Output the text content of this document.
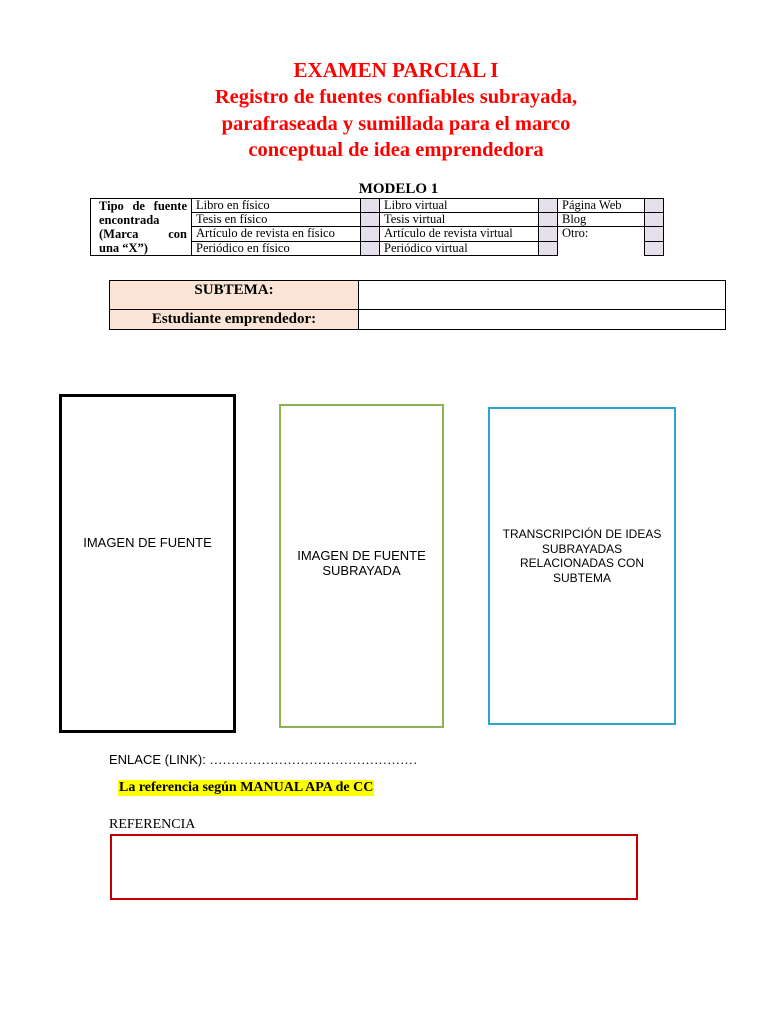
EXAMEN PARCIAL I
Registro de fuentes confiables subrayada,
parafraseada y sumillada para el marco
conceptual de idea emprendedora
MODELO 1
Tipo de fuente
encontrada
(Marca con
una “X”)	Libro en físico		Libro virtual		Página Web	
	Tesis en físico		Tesis virtual		Blog	
	Artículo de revista en físico		Artículo de revista virtual		Otro:	
	Periódico en físico		Periódico virtual			
SUBTEMA:	
Estudiante emprendedor:	
IMAGEN DE FUENTE
IMAGEN DE FUENTE SUBRAYADA
TRANSCRIPCIÓN DE IDEAS SUBRAYADAS RELACIONADAS CON SUBTEMA
ENLACE (LINK): …………………………………………
La referencia según MANUAL APA de CC
REFERENCIA
